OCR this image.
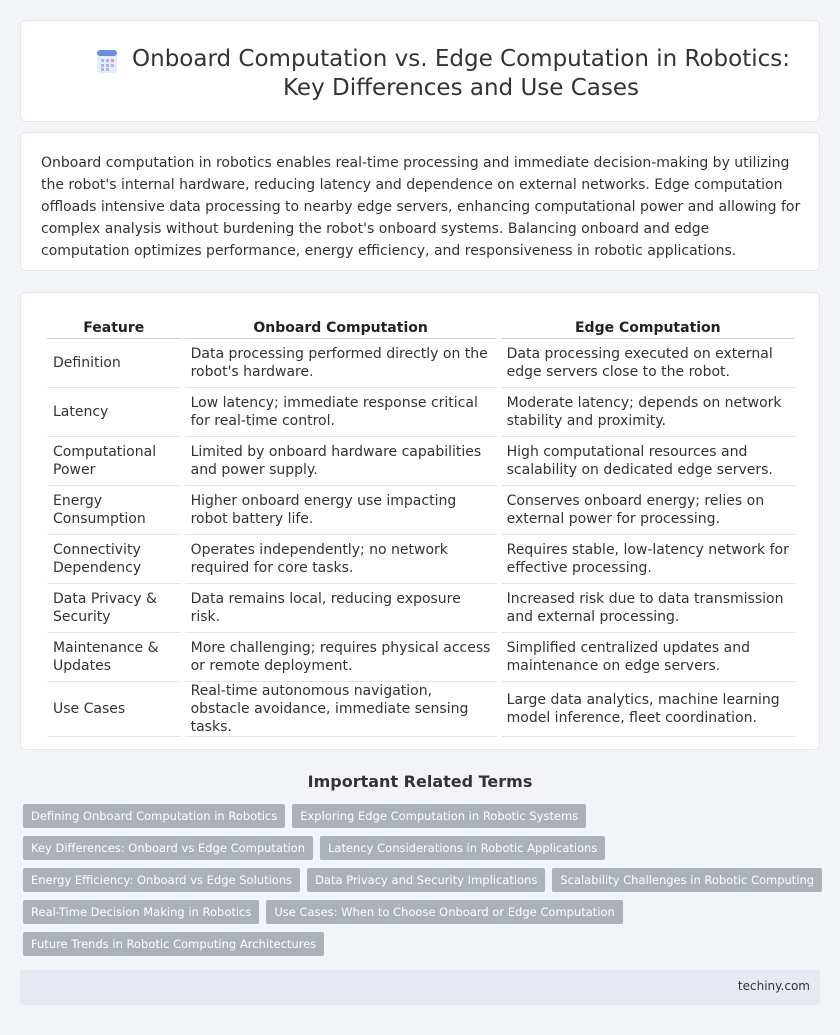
Onboard Computation vs. Edge Computation in Robotics: Key Differences and Use Cases

Onboard computation in robotics enables real-time processing and immediate decision-making by utilizing the robot's internal hardware, reducing latency and dependence on external networks. Edge computation offloads intensive data processing to nearby edge servers, enhancing computational power and allowing for complex analysis without burdening the robot's onboard systems. Balancing onboard and edge computation optimizes performance, energy efficiency, and responsiveness in robotic applications.

Feature	Onboard Computation	Edge Computation
Definition	Data processing performed directly on the robot's hardware.	Data processing executed on external edge servers close to the robot.
Latency	Low latency; immediate response critical for real-time control.	Moderate latency; depends on network stability and proximity.
Computational Power	Limited by onboard hardware capabilities and power supply.	High computational resources and scalability on dedicated edge servers.
Energy Consumption	Higher onboard energy use impacting robot battery life.	Conserves onboard energy; relies on external power for processing.
Connectivity Dependency	Operates independently; no network required for core tasks.	Requires stable, low-latency network for effective processing.
Data Privacy & Security	Data remains local, reducing exposure risk.	Increased risk due to data transmission and external processing.
Maintenance & Updates	More challenging; requires physical access or remote deployment.	Simplified centralized updates and maintenance on edge servers.
Use Cases	Real-time autonomous navigation, obstacle avoidance, immediate sensing tasks.	Large data analytics, machine learning model inference, fleet coordination.
Important Related Terms
Defining Onboard Computation in Robotics	Exploring Edge Computation in Robotic Systems
Key Differences: Onboard vs Edge Computation	Latency Considerations in Robotic Applications
Energy Efficiency: Onboard vs Edge Solutions	Data Privacy and Security Implications	Scalability Challenges in Robotic Computing
Real-Time Decision Making in Robotics	Use Cases: When to Choose Onboard or Edge Computation
Future Trends in Robotic Computing Architectures
techiny.com
